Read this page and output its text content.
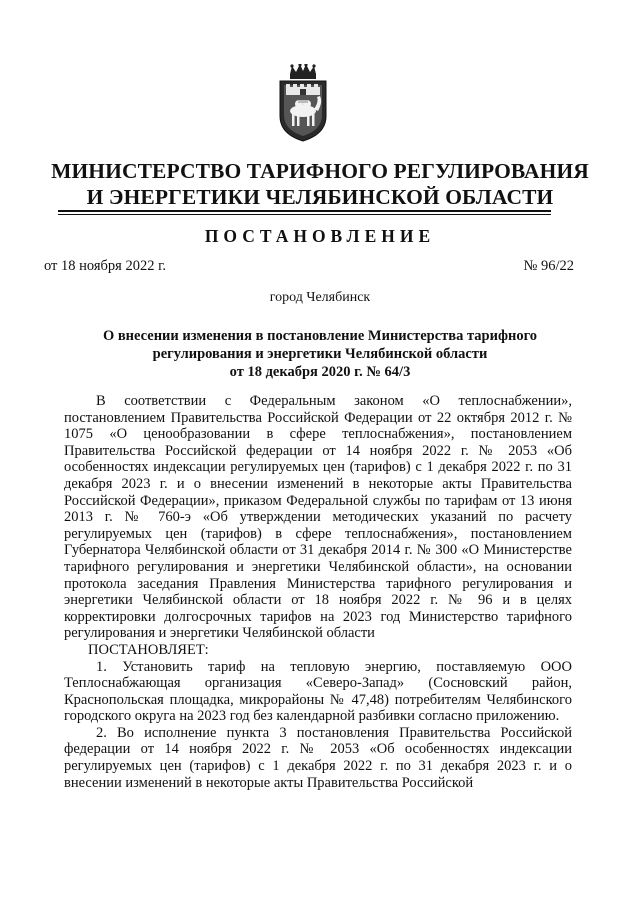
МИНИСТЕРСТВО ТАРИФНОГО РЕГУЛИРОВАНИЯ
И ЭНЕРГЕТИКИ ЧЕЛЯБИНСКОЙ ОБЛАСТИ
ПОСТАНОВЛЕНИЕ
от 18 ноября 2022 г.	№ 96/22
город Челябинск
О внесении изменения в постановление Министерства тарифного
регулирования и энергетики Челябинской области
от 18 декабря 2020 г. № 64/3

В соответствии с Федеральным законом «О теплоснабжении», постановлением Правительства Российской Федерации от 22 октября 2012 г. № 1075 «О ценообразовании в сфере теплоснабжения», постановлением Правительства Российской федерации от 14 ноября 2022 г. № 2053 «Об особенностях индексации регулируемых цен (тарифов) с 1 декабря 2022 г. по 31 декабря 2023 г. и о внесении изменений в некоторые акты Правительства Российской Федерации», приказом Федеральной службы по тарифам от 13 июня 2013 г. № 760-э «Об утверждении методических указаний по расчету регулируемых цен (тарифов) в сфере теплоснабжения», постановлением Губернатора Челябинской области от 31 декабря 2014 г. № 300 «О Министерстве тарифного регулирования и энергетики Челябинской области», на основании протокола заседания Правления Министерства тарифного регулирования и энергетики Челябинской области от 18 ноября 2022 г. № 96 и в целях корректировки долгосрочных тарифов на 2023 год Министерство тарифного регулирования и энергетики Челябинской области

ПОСТАНОВЛЯЕТ:

1. Установить тариф на тепловую энергию, поставляемую ООО Теплоснабжающая организация «Северо-Запад» (Сосновский район, Краснопольская площадка, микрорайоны № 47,48) потребителям Челябинского городского округа на 2023 год без календарной разбивки согласно приложению.

2. Во исполнение пункта 3 постановления Правительства Российской федерации от 14 ноября 2022 г. № 2053 «Об особенностях индексации регулируемых цен (тарифов) с 1 декабря 2022 г. по 31 декабря 2023 г. и о внесении изменений в некоторые акты Правительства Российской
